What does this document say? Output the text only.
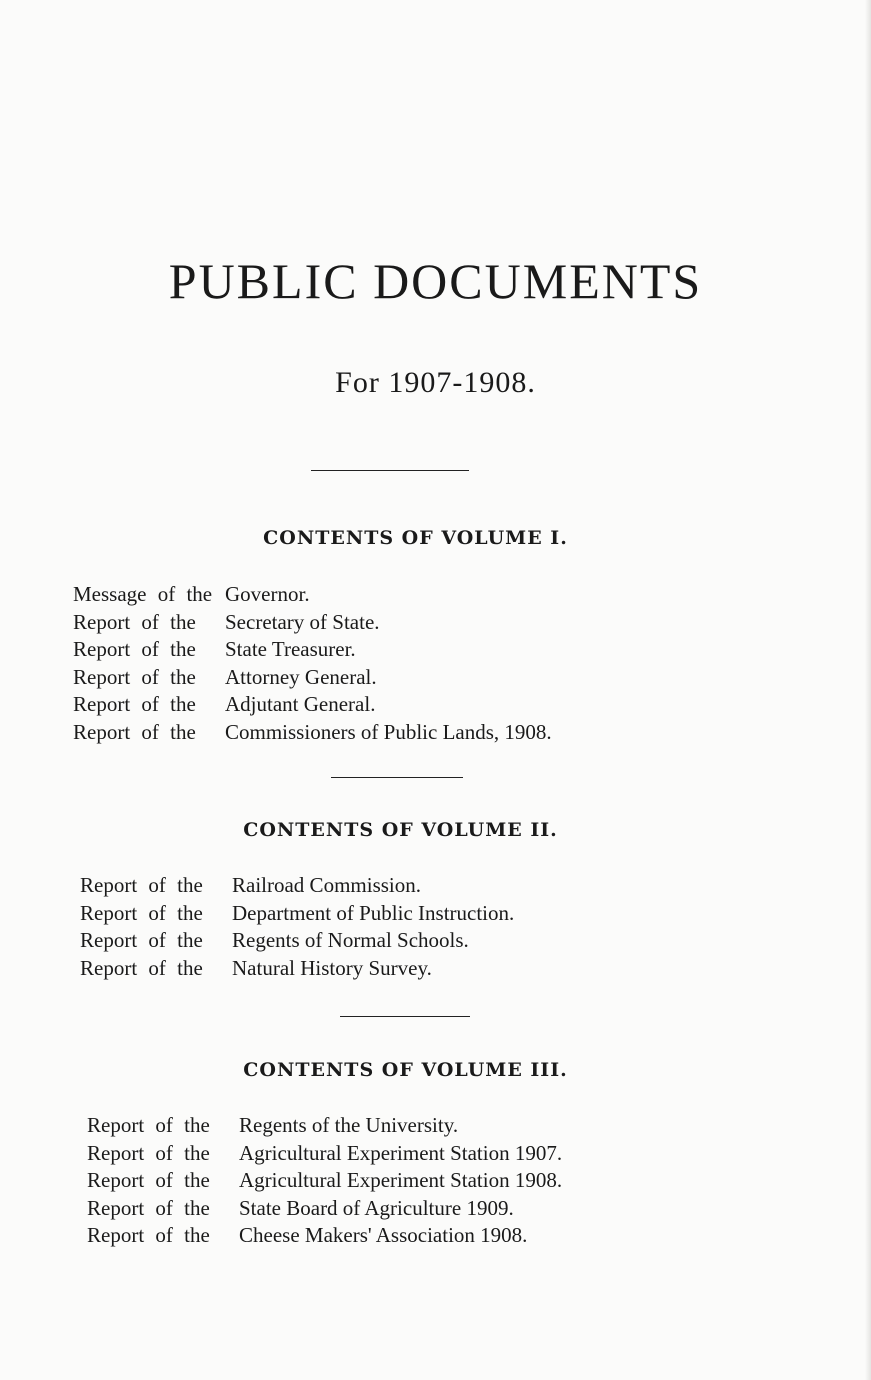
PUBLIC DOCUMENTS
For 1907-1908.
CONTENTS OF VOLUME I.
Message of the Governor.
Report of the Secretary of State.
Report of the State Treasurer.
Report of the Attorney General.
Report of the Adjutant General.
Report of the Commissioners of Public Lands, 1908.
CONTENTS OF VOLUME II.
Report of the Railroad Commission.
Report of the Department of Public Instruction.
Report of the Regents of Normal Schools.
Report of the Natural History Survey.
CONTENTS OF VOLUME III.
Report of the Regents of the University.
Report of the Agricultural Experiment Station 1907.
Report of the Agricultural Experiment Station 1908.
Report of the State Board of Agriculture 1909.
Report of the Cheese Makers' Association 1908.
